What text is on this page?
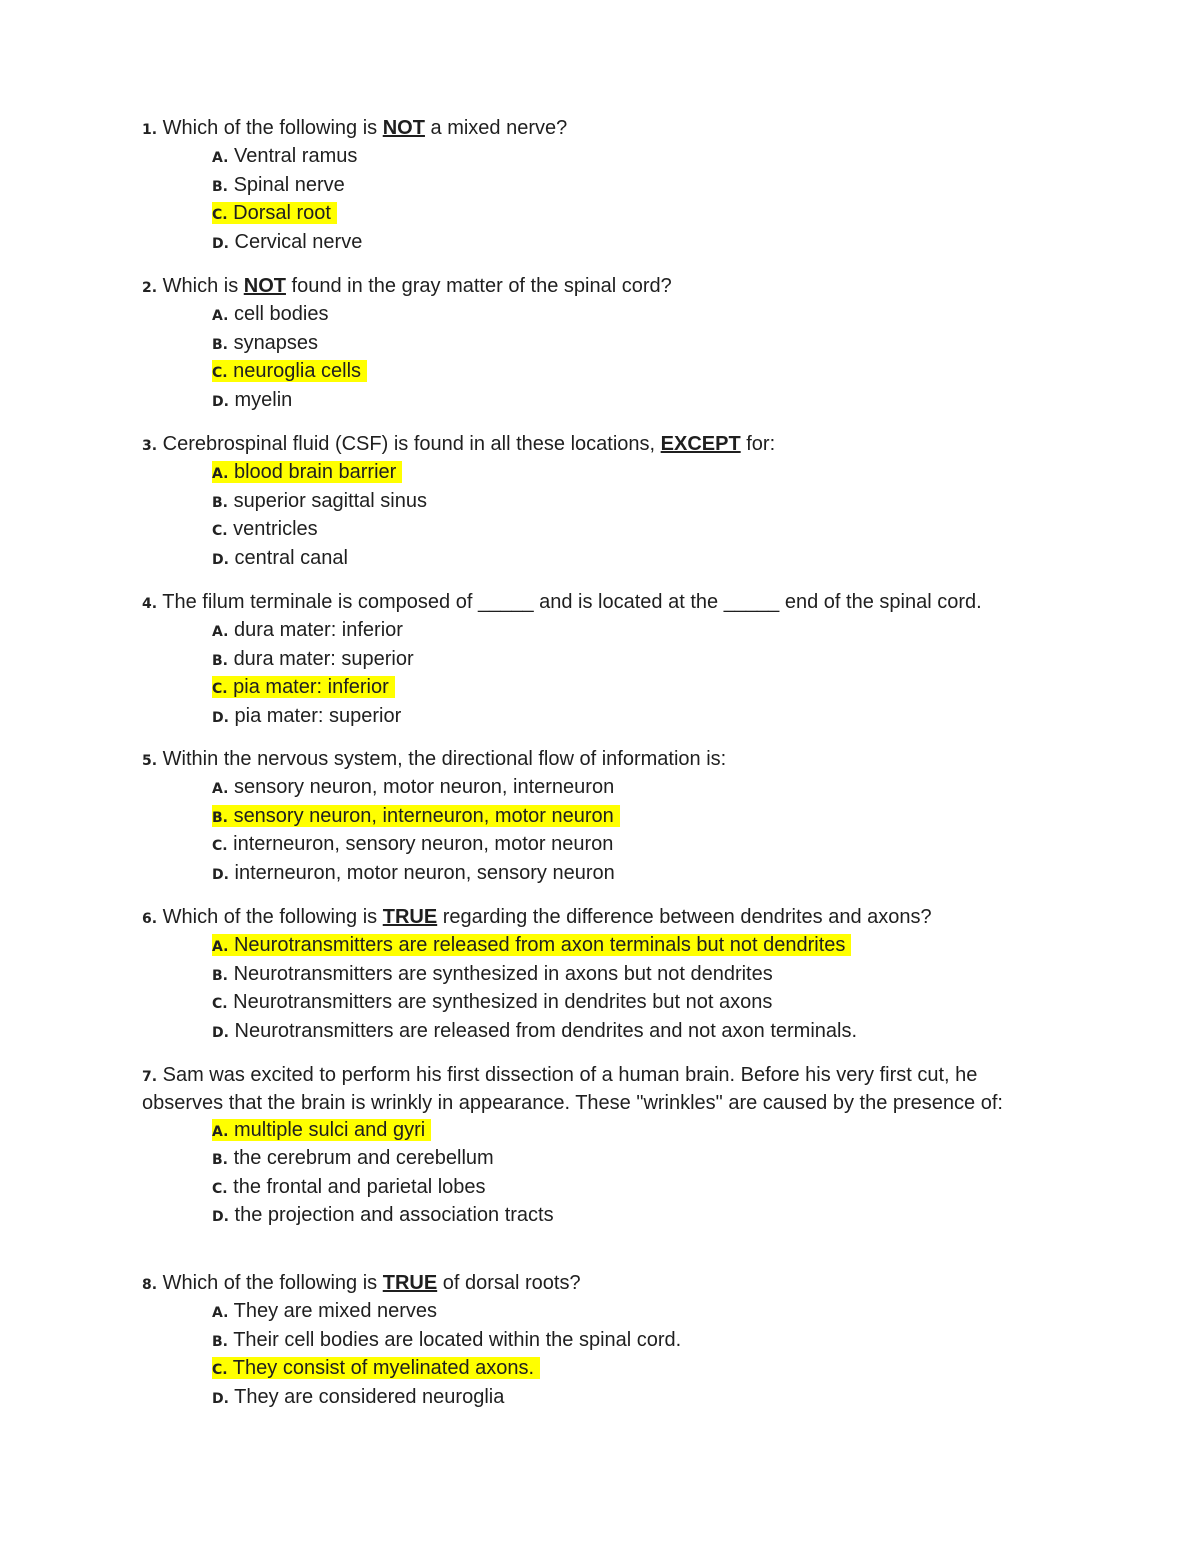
1. Which of the following is NOT a mixed nerve?
A. Ventral ramus
B. Spinal nerve
C. Dorsal root
D. Cervical nerve
2. Which is NOT found in the gray matter of the spinal cord?
A. cell bodies
B. synapses
C. neuroglia cells
D. myelin
3. Cerebrospinal fluid (CSF) is found in all these locations, EXCEPT for:
A. blood brain barrier
B. superior sagittal sinus
C. ventricles
D. central canal
4. The filum terminale is composed of _____ and is located at the _____ end of the spinal cord.
A. dura mater: inferior
B. dura mater: superior
C. pia mater: inferior
D. pia mater: superior
5. Within the nervous system, the directional flow of information is:
A. sensory neuron, motor neuron, interneuron
B. sensory neuron, interneuron, motor neuron
C. interneuron, sensory neuron, motor neuron
D. interneuron, motor neuron, sensory neuron
6. Which of the following is TRUE regarding the difference between dendrites and axons?
A. Neurotransmitters are released from axon terminals but not dendrites
B. Neurotransmitters are synthesized in axons but not dendrites
C. Neurotransmitters are synthesized in dendrites but not axons
D. Neurotransmitters are released from dendrites and not axon terminals.
7. Sam was excited to perform his first dissection of a human brain. Before his very first cut, he observes that the brain is wrinkly in appearance. These "wrinkles" are caused by the presence of:
A. multiple sulci and gyri
B. the cerebrum and cerebellum
C. the frontal and parietal lobes
D. the projection and association tracts
8. Which of the following is TRUE of dorsal roots?
A. They are mixed nerves
B. Their cell bodies are located within the spinal cord.
C. They consist of myelinated axons.
D. They are considered neuroglia
